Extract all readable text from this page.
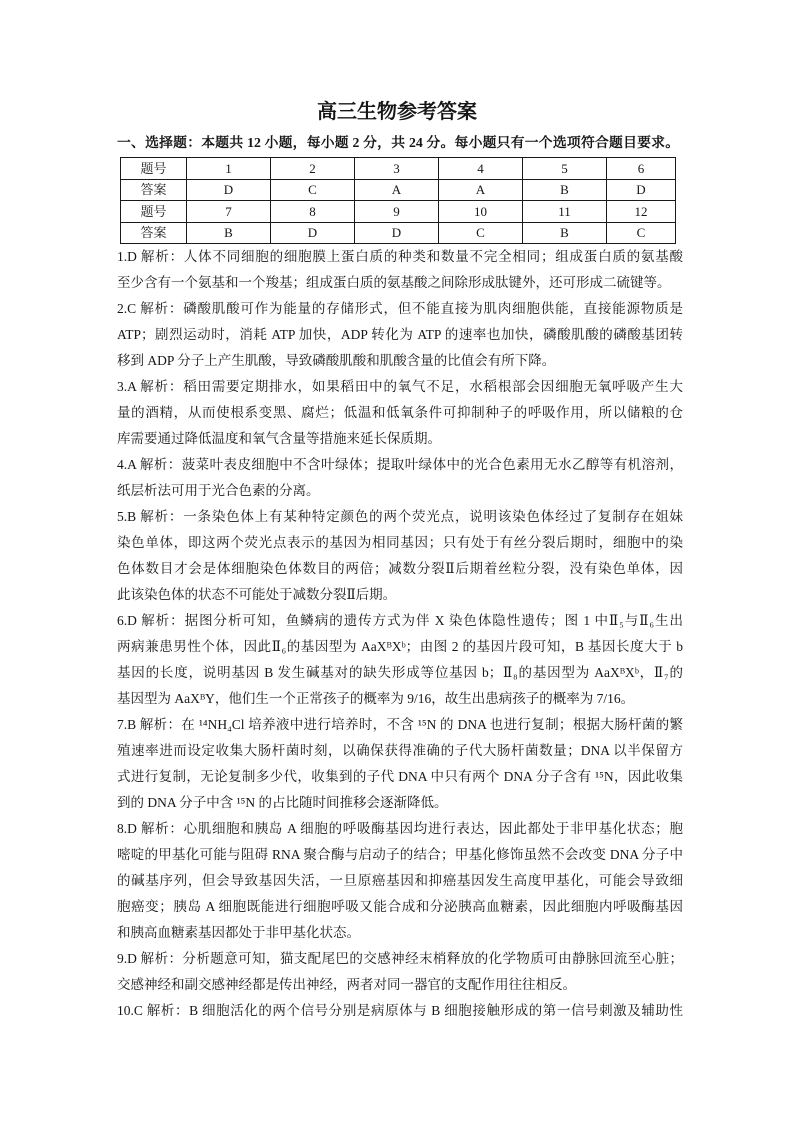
高三生物参考答案
一、选择题：本题共 12 小题，每小题 2 分，共 24 分。每小题只有一个选项符合题目要求。
题号	1	2	3	4	5	6
答案	D	C	A	A	B	D
题号	7	8	9	10	11	12
答案	B	D	D	C	B	C
1.D 解析：人体不同细胞的细胞膜上蛋白质的种类和数量不完全相同；组成蛋白质的氨基酸
至少含有一个氨基和一个羧基；组成蛋白质的氨基酸之间除形成肽键外，还可形成二硫键等。
2.C 解析：磷酸肌酸可作为能量的存储形式，但不能直接为肌肉细胞供能，直接能源物质是
ATP；剧烈运动时，消耗 ATP 加快，ADP 转化为 ATP 的速率也加快，磷酸肌酸的磷酸基团转
移到 ADP 分子上产生肌酸，导致磷酸肌酸和肌酸含量的比值会有所下降。
3.A 解析：稻田需要定期排水，如果稻田中的氧气不足，水稻根部会因细胞无氧呼吸产生大
量的酒精，从而使根系变黑、腐烂；低温和低氧条件可抑制种子的呼吸作用，所以储粮的仓
库需要通过降低温度和氧气含量等措施来延长保质期。
4.A 解析：菠菜叶表皮细胞中不含叶绿体；提取叶绿体中的光合色素用无水乙醇等有机溶剂，
纸层析法可用于光合色素的分离。
5.B 解析：一条染色体上有某种特定颜色的两个荧光点，说明该染色体经过了复制存在姐妹
染色单体，即这两个荧光点表示的基因为相同基因；只有处于有丝分裂后期时，细胞中的染
色体数目才会是体细胞染色体数目的两倍；减数分裂Ⅱ后期着丝粒分裂，没有染色单体，因
此该染色体的状态不可能处于减数分裂Ⅱ后期。
6.D 解析：据图分析可知，鱼鳞病的遗传方式为伴 X 染色体隐性遗传；图 1 中Ⅱ₅与Ⅱ₆生出
两病兼患男性个体，因此Ⅱ₆的基因型为 AaXᴮXᵇ；由图 2 的基因片段可知，B 基因长度大于 b
基因的长度，说明基因 B 发生碱基对的缺失形成等位基因 b；Ⅱ₈的基因型为 AaXᴮXᵇ，Ⅱ₇的
基因型为 AaXᴮY，他们生一个正常孩子的概率为 9/16，故生出患病孩子的概率为 7/16。
7.B 解析：在 ¹⁴NH₄Cl 培养液中进行培养时，不含 ¹⁵N 的 DNA 也进行复制；根据大肠杆菌的繁
殖速率进而设定收集大肠杆菌时刻，以确保获得准确的子代大肠杆菌数量；DNA 以半保留方
式进行复制，无论复制多少代，收集到的子代 DNA 中只有两个 DNA 分子含有 ¹⁵N，因此收集
到的 DNA 分子中含 ¹⁵N 的占比随时间推移会逐渐降低。
8.D 解析：心肌细胞和胰岛 A 细胞的呼吸酶基因均进行表达，因此都处于非甲基化状态；胞
嘧啶的甲基化可能与阻碍 RNA 聚合酶与启动子的结合；甲基化修饰虽然不会改变 DNA 分子中
的碱基序列，但会导致基因失活，一旦原癌基因和抑癌基因发生高度甲基化，可能会导致细
胞癌变；胰岛 A 细胞既能进行细胞呼吸又能合成和分泌胰高血糖素，因此细胞内呼吸酶基因
和胰高血糖素基因都处于非甲基化状态。
9.D 解析：分析题意可知，猫支配尾巴的交感神经末梢释放的化学物质可由静脉回流至心脏；
交感神经和副交感神经都是传出神经，两者对同一器官的支配作用往往相反。
10.C 解析：B 细胞活化的两个信号分别是病原体与 B 细胞接触形成的第一信号刺激及辅助性
